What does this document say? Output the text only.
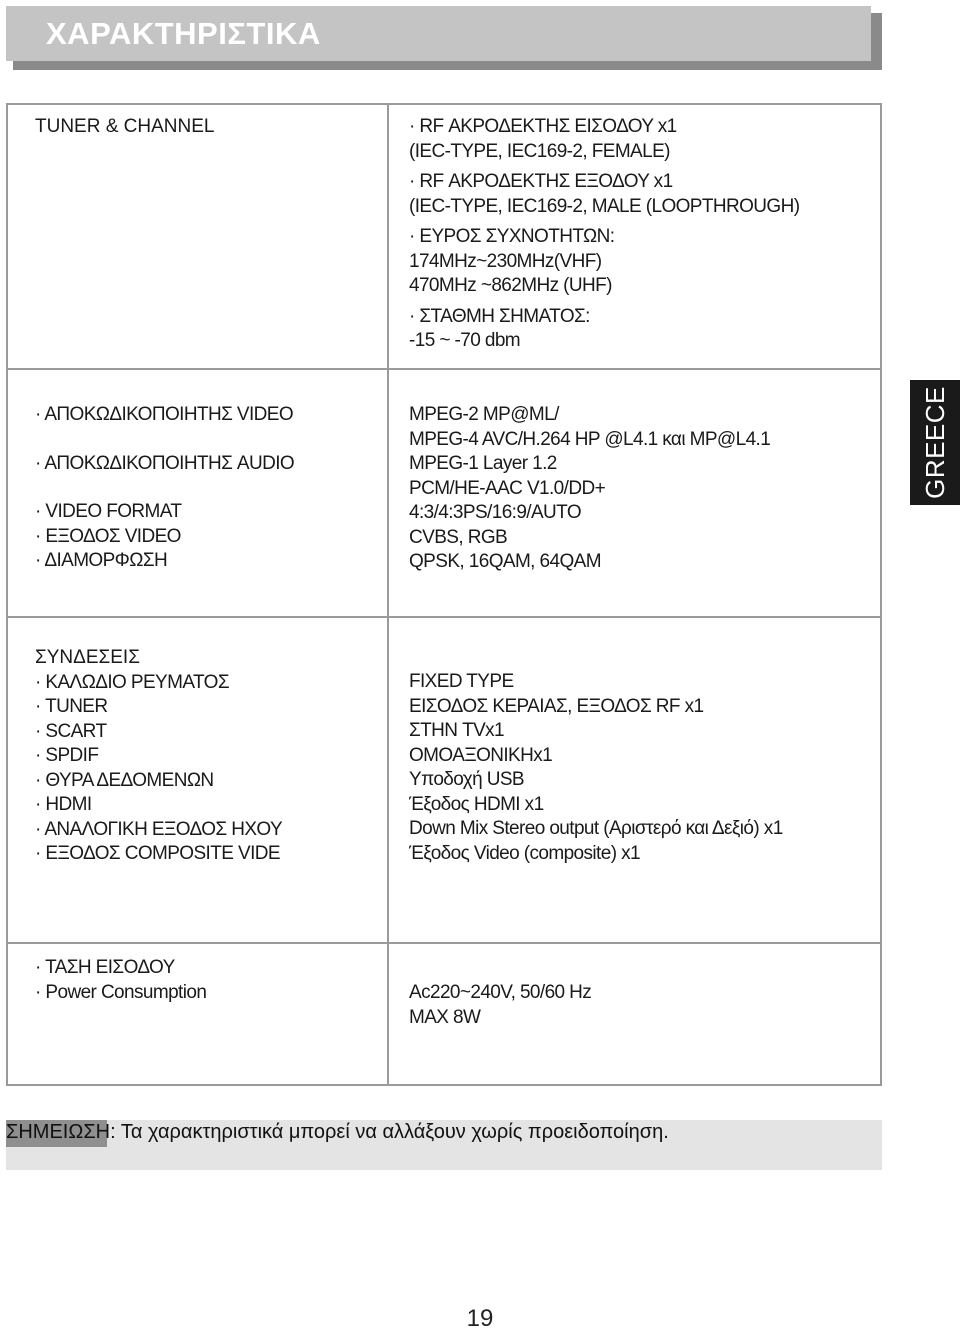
ΧΑΡΑΚΤΗΡΙΣΤΙΚΑ
GREECE
TUNER & CHANNEL	· RF ΑΚΡΟΔΕΚΤΗΣ ΕΙΣΟΔΟΥ x1
(IEC-TYPE, IEC169-2, FEMALE)
· RF ΑΚΡΟΔΕΚΤΗΣ ΕΞΟΔΟΥ x1
(IEC-TYPE, IEC169-2, MALE (LOOPTHROUGH)
· ΕΥΡΟΣ ΣΥΧΝΟΤΗΤΩΝ:
174MHz~230MHz(VHF)
470MHz ~862MHz (UHF)
· ΣΤΑΘΜΗ ΣΗΜΑΤΟΣ:
-15 ~ -70 dbm
· ΑΠΟΚΩΔΙΚΟΠΟΙΗΤΗΣ VIDEO
· ΑΠΟΚΩΔΙΚΟΠΟΙΗΤΗΣ AUDIO
· VIDEO FORMAT
· ΕΞΟΔΟΣ VIDEO
· ΔΙΑΜΟΡΦΩΣΗ
MPEG-2 MP@ML/
MPEG-4 AVC/H.264 HP @L4.1 και MP@L4.1
MPEG-1 Layer 1.2
PCM/HE-AAC V1.0/DD+
4:3/4:3PS/16:9/AUTO
CVBS, RGB
QPSK, 16QAM, 64QAM
ΣΥΝΔΕΣΕΙΣ
· ΚΑΛΩΔΙΟ ΡΕΥΜΑΤΟΣ
· TUNER
· SCART
· SPDIF
· ΘΥΡΑ ΔΕΔΟΜΕΝΩΝ
· HDMI
· ΑΝΑΛΟΓΙΚΗ ΕΞΟΔΟΣ ΗΧΟΥ
· ΕΞΟΔΟΣ COMPOSITE VIDE
FIXED TYPE
ΕΙΣΟΔΟΣ ΚΕΡΑΙΑΣ, ΕΞΟΔΟΣ RF x1
ΣΤΗΝ TVx1
ΟΜΟΑΞΟΝΙΚΗx1
Υποδοχή USB
Έξοδος HDMI x1
Down Mix Stereo output (Αριστερό και Δεξιό) x1
Έξοδος Video (composite) x1
· ΤΑΣΗ ΕΙΣΟΔΟΥ
· Power Consumption	Ac220~240V, 50/60 Hz
MAX 8W
ΣΗΜΕΙΩΣΗ: Τα χαρακτηριστικά μπορεί να αλλάξουν χωρίς προειδοποίηση.
19
